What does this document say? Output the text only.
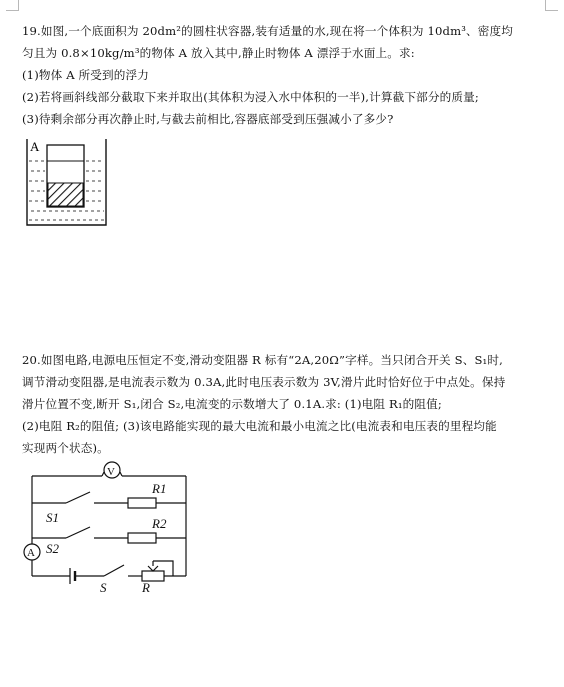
19.如图,一个底面积为 20dm²的圆柱状容器,装有适量的水,现在将一个体积为 10dm³、密度均
匀且为 0.8×10kg/m³的物体 A 放入其中,静止时物体 A 漂浮于水面上。求:
(1)物体 A 所受到的浮力
(2)若将画斜线部分截取下来并取出(其体积为浸入水中体积的一半),计算截下部分的质量;
(3)待剩余部分再次静止时,与截去前相比,容器底部受到压强减小了多少?
A
20.如图电路,电源电压恒定不变,滑动变阻器 R 标有“2A,20Ω”字样。当只闭合开关 S、S₁时,
调节滑动变阻器,是电流表示数为 0.3A,此时电压表示数为 3V,滑片此时恰好位于中点处。保持
滑片位置不变,断开 S₁,闭合 S₂,电流变的示数增大了 0.1A.求: (1)电阻 R₁的阻值;
(2)电阻 R₂的阻值; (3)该电路能实现的最大电流和最小电流之比(电流表和电压表的里程均能
实现两个状态)。
V
A
R1
R2
S1
S2
S	R
